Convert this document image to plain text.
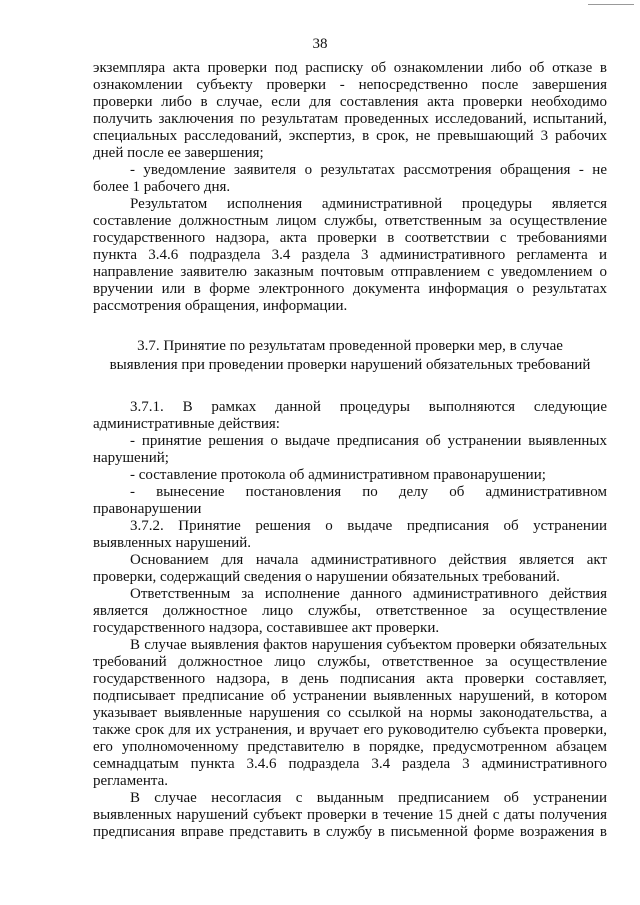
38

экземпляра акта проверки под расписку об ознакомлении либо об отказе в ознакомлении субъекту проверки - непосредственно после завершения проверки либо в случае, если для составления акта проверки необходимо получить заключения по результатам проведенных исследований, испытаний, специальных расследований, экспертиз, в срок, не превышающий 3 рабочих дней после ее завершения;

- уведомление заявителя о результатах рассмотрения обращения - не более 1 рабочего дня.

Результатом исполнения административной процедуры является составление должностным лицом службы, ответственным за осуществление государственного надзора, акта проверки в соответствии с требованиями пункта 3.4.6 подраздела 3.4 раздела 3 административного регламента и направление заявителю заказным почтовым отправлением с уведомлением о вручении или в форме электронного документа информация о результатах рассмотрения обращения, информации.

3.7. Принятие по результатам проведенной проверки мер, в случае
выявления при проведении проверки нарушений обязательных требований

3.7.1. В рамках данной процедуры выполняются следующие административные действия:

- принятие решения о выдаче предписания об устранении выявленных нарушений;

- составление протокола об административном правонарушении;

- вынесение постановления по делу об административном правонарушении

3.7.2. Принятие решения о выдаче предписания об устранении выявленных нарушений.

Основанием для начала административного действия является акт проверки, содержащий сведения о нарушении обязательных требований.

Ответственным за исполнение данного административного действия является должностное лицо службы, ответственное за осуществление государственного надзора, составившее акт проверки.

В случае выявления фактов нарушения субъектом проверки обязательных требований должностное лицо службы, ответственное за осуществление государственного надзора, в день подписания акта проверки составляет, подписывает предписание об устранении выявленных нарушений, в котором указывает выявленные нарушения со ссылкой на нормы законодательства, а также срок для их устранения, и вручает его руководителю субъекта проверки, его уполномоченному представителю в порядке, предусмотренном абзацем семнадцатым пункта 3.4.6 подраздела 3.4 раздела 3 административного регламента.

В случае несогласия с выданным предписанием об устранении выявленных нарушений субъект проверки в течение 15 дней с даты получения предписания вправе представить в службу в письменной форме возражения в
